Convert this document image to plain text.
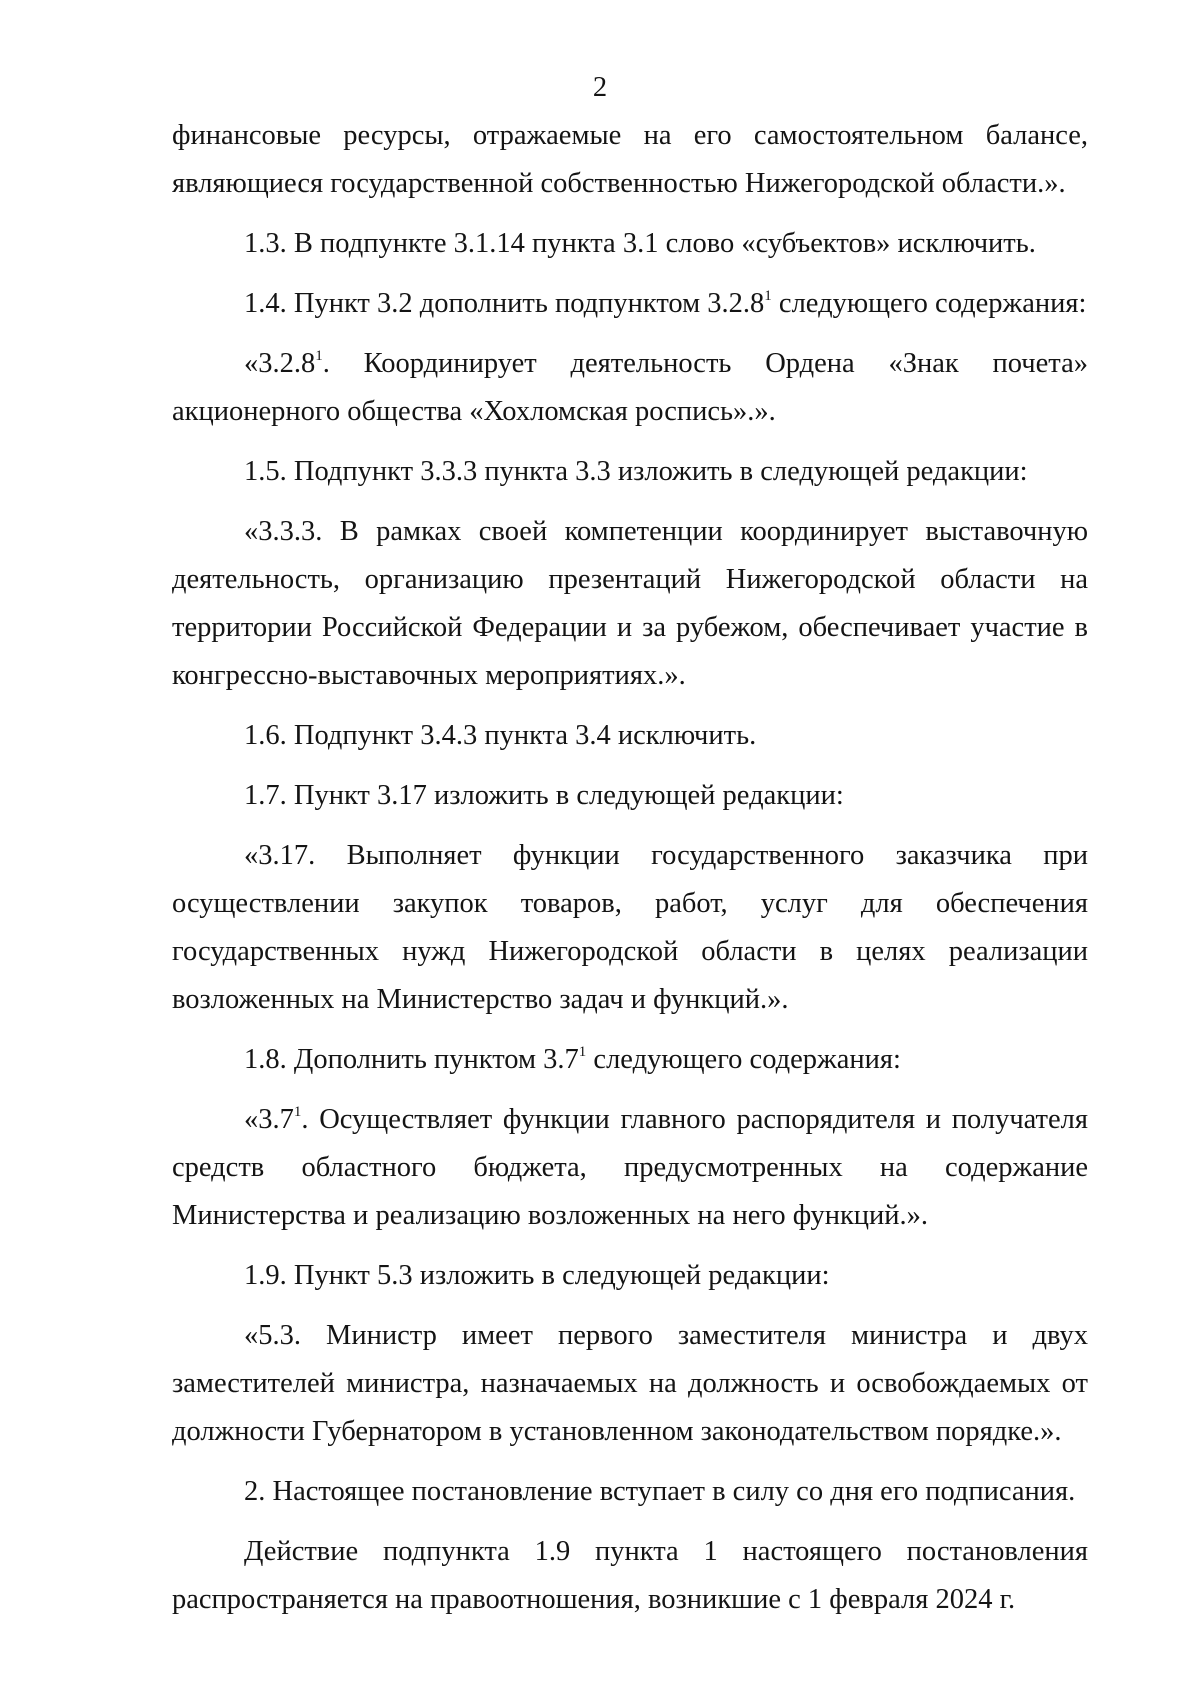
2

финансовые ресурсы, отражаемые на его самостоятельном балансе, являющиеся государственной собственностью Нижегородской области.».

1.3. В подпункте 3.1.14 пункта 3.1 слово «субъектов» исключить.

1.4. Пункт 3.2 дополнить подпунктом 3.2.8$^1$ следующего содержания:

«3.2.8$^1$. Координирует деятельность Ордена «Знак почета» акционерного общества «Хохломская роспись».».

1.5. Подпункт 3.3.3 пункта 3.3 изложить в следующей редакции:

«3.3.3. В рамках своей компетенции координирует выставочную деятельность, организацию презентаций Нижегородской области на территории Российской Федерации и за рубежом, обеспечивает участие в конгрессно-выставочных мероприятиях.».

1.6. Подпункт 3.4.3 пункта 3.4 исключить.

1.7. Пункт 3.17 изложить в следующей редакции:

«3.17. Выполняет функции государственного заказчика при осуществлении закупок товаров, работ, услуг для обеспечения государственных нужд Нижегородской области в целях реализации возложенных на Министерство задач и функций.».

1.8. Дополнить пунктом $3.7^1$ следующего содержания:

«$3.7^1$. Осуществляет функции главного распорядителя и получателя средств областного бюджета, предусмотренных на содержание Министерства и реализацию возложенных на него функций.».

1.9. Пункт 5.3 изложить в следующей редакции:

«5.3. Министр имеет первого заместителя министра и двух заместителей министра, назначаемых на должность и освобождаемых от должности Губернатором в установленном законодательством порядке.».

2. Настоящее постановление вступает в силу со дня его подписания.

Действие подпункта 1.9 пункта 1 настоящего постановления распространяется на правоотношения, возникшие с 1 февраля 2024 г.
